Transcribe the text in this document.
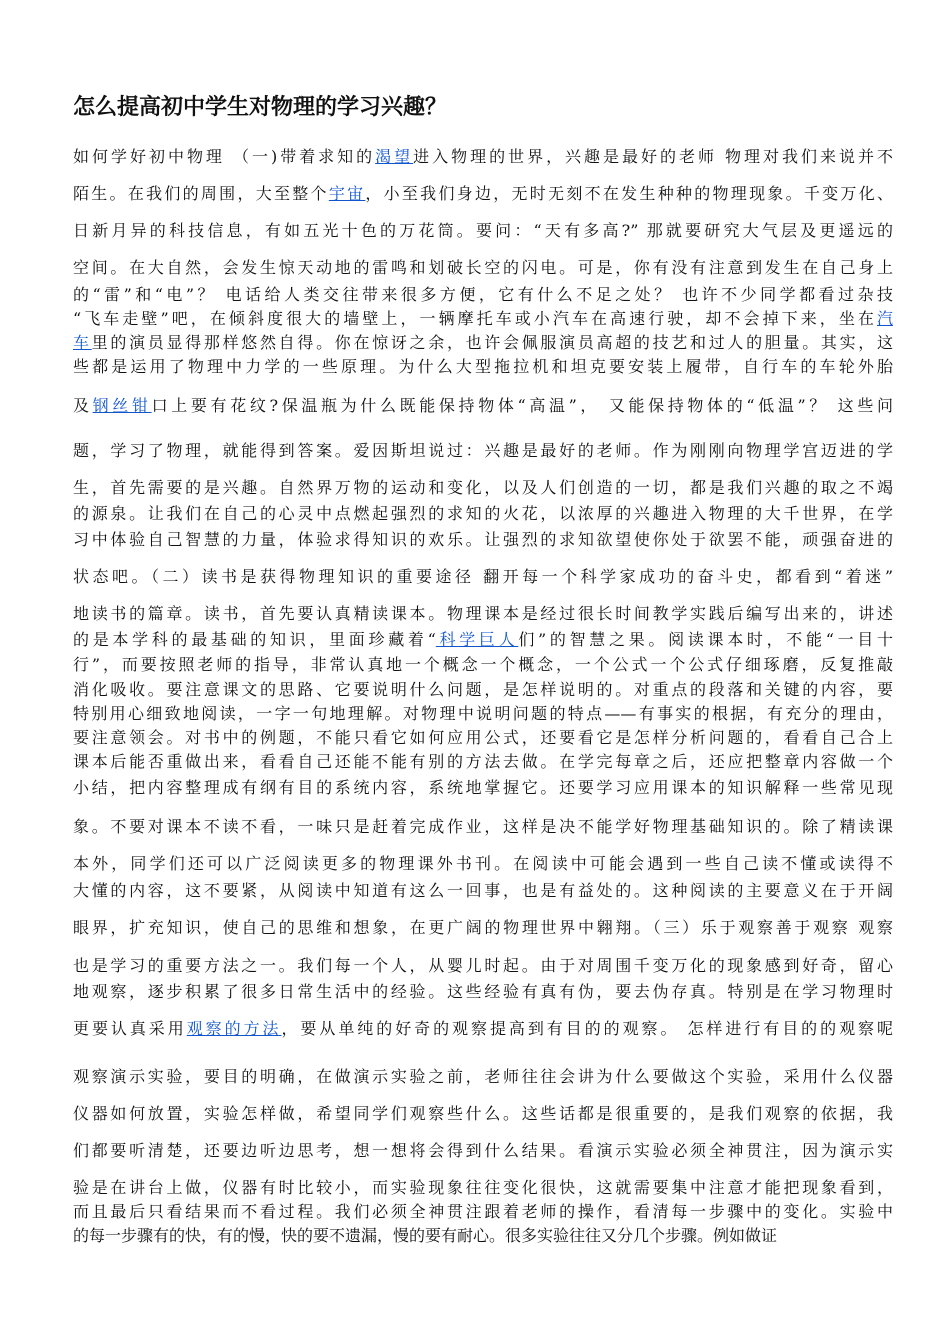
怎么提高初中学生对物理的学习兴趣？

如何学好初中物理 （一)带着求知的渴望进入物理的世界，兴趣是最好的老师 物理对我们来说并不

陌生。在我们的周围，大至整个宇宙，小至我们身边，无时无刻不在发生种种的物理现象。千变万化、

日新月异的科技信息，有如五光十色的万花筒。要问：“天有多高?” 那就要研究大气层及更遥远的

空间。在大自然，会发生惊天动地的雷鸣和划破长空的闪电。可是，你有没有注意到发生在自己身上

的“雷”和“电”？ 电话给人类交往带来很多方便，它有什么不足之处？ 也许不少同学都看过杂技

“飞车走壁”吧，在倾斜度很大的墙壁上，一辆摩托车或小汽车在高速行驶，却不会掉下来，坐在汽

车里的演员显得那样悠然自得。你在惊讶之余，也许会佩服演员高超的技艺和过人的胆量。其实，这

些都是运用了物理中力学的一些原理。为什么大型拖拉机和坦克要安装上履带，自行车的车轮外胎

及钢丝钳口上要有花纹?保温瓶为什么既能保持物体“高温”， 又能保持物体的“低温”？ 这些问

题，学习了物理，就能得到答案。爱因斯坦说过：兴趣是最好的老师。作为刚刚向物理学宫迈进的学

生，首先需要的是兴趣。自然界万物的运动和变化，以及人们创造的一切，都是我们兴趣的取之不竭

的源泉。让我们在自己的心灵中点燃起强烈的求知的火花，以浓厚的兴趣进入物理的大千世界，在学

习中体验自己智慧的力量，体验求得知识的欢乐。让强烈的求知欲望使你处于欲罢不能，顽强奋进的

状态吧。（二）读书是获得物理知识的重要途径 翻开每一个科学家成功的奋斗史，都看到“着迷”

地读书的篇章。读书，首先要认真精读课本。物理课本是经过很长时间教学实践后编写出来的，讲述

的是本学科的最基础的知识，里面珍藏着“科学巨人们”的智慧之果。阅读课本时，不能“一目十

行”，而要按照老师的指导，非常认真地一个概念一个概念，一个公式一个公式仔细琢磨，反复推敲

消化吸收。要注意课文的思路、它要说明什么问题，是怎样说明的。对重点的段落和关键的内容，要

特别用心细致地阅读，一字一句地理解。对物理中说明问题的特点——有事实的根据，有充分的理由，

要注意领会。对书中的例题，不能只看它如何应用公式，还要看它是怎样分析问题的，看看自己合上

课本后能否重做出来，看看自己还能不能有别的方法去做。在学完每章之后，还应把整章内容做一个

小结，把内容整理成有纲有目的系统内容，系统地掌握它。还要学习应用课本的知识解释一些常见现

象。不要对课本不读不看，一味只是赶着完成作业，这样是决不能学好物理基础知识的。除了精读课

本外，同学们还可以广泛阅读更多的物理课外书刊。在阅读中可能会遇到一些自己读不懂或读得不

大懂的内容，这不要紧，从阅读中知道有这么一回事，也是有益处的。这种阅读的主要意义在于开阔

眼界，扩充知识，使自己的思维和想象，在更广阔的物理世界中翱翔。（三）乐于观察善于观察 观察

也是学习的重要方法之一。我们每一个人，从婴儿时起。由于对周围千变万化的现象感到好奇，留心

地观察，逐步积累了很多日常生活中的经验。这些经验有真有伪，要去伪存真。特别是在学习物理时

更要认真采用观察的方法，要从单纯的好奇的观察提高到有目的的观察。 怎样进行有目的的观察呢

观察演示实验，要目的明确，在做演示实验之前，老师往往会讲为什么要做这个实验，采用什么仪器

仪器如何放置，实验怎样做，希望同学们观察些什么。这些话都是很重要的，是我们观察的依据，我

们都要听清楚，还要边听边思考，想一想将会得到什么结果。看演示实验必须全神贯注，因为演示实

验是在讲台上做，仪器有时比较小，而实验现象往往变化很快，这就需要集中注意才能把现象看到，

而且最后只看结果而不看过程。我们必须全神贯注跟着老师的操作，看清每一步骤中的变化。实验中

的每一步骤有的快，有的慢，快的要不遗漏，慢的要有耐心。很多实验往往又分几个步骤。例如做证
